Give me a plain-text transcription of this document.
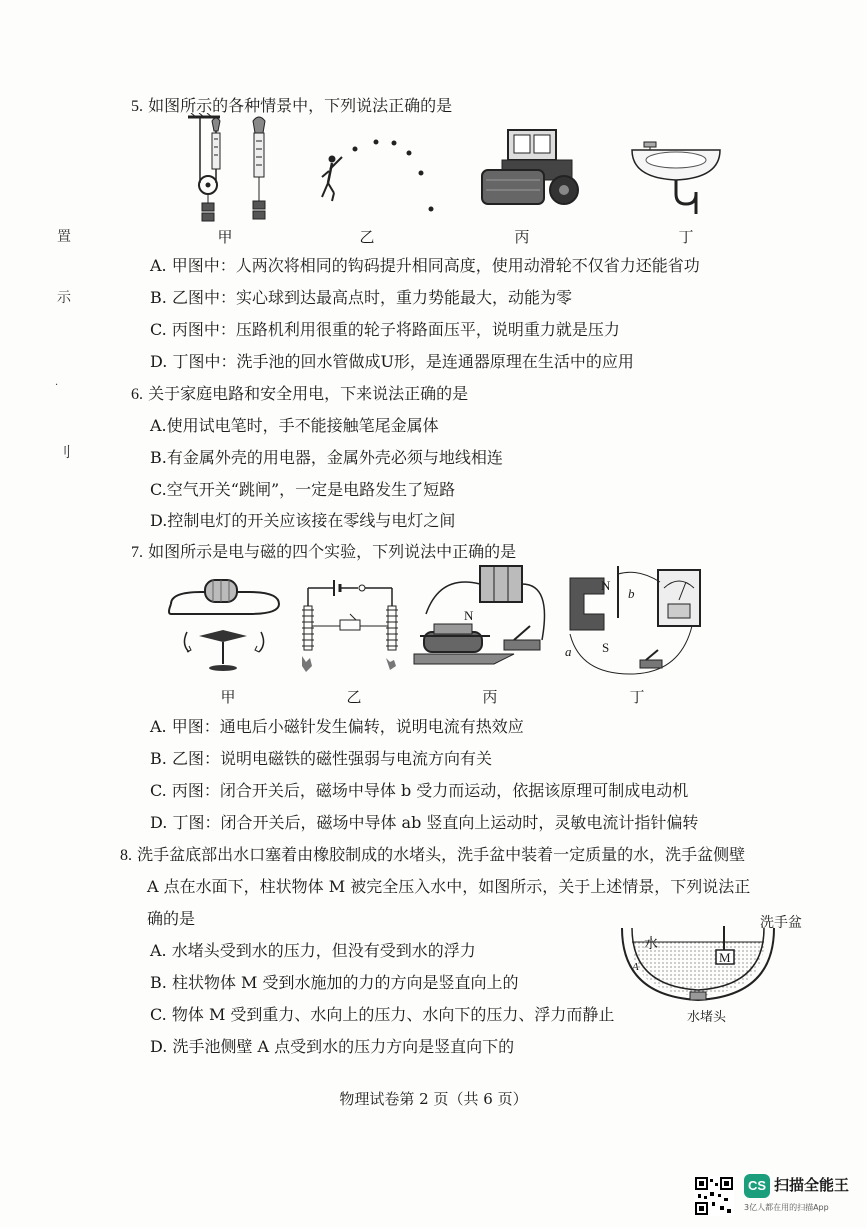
置
示
·
刂
5. 如图所示的各种情景中，下列说法正确的是
甲	乙	丙	丁
A. 甲图中：人两次将相同的钩码提升相同高度，使用动滑轮不仅省力还能省功
B. 乙图中：实心球到达最高点时，重力势能最大，动能为零
C. 丙图中：压路机利用很重的轮子将路面压平，说明重力就是压力
D. 丁图中：洗手池的回水管做成U形，是连通器原理在生活中的应用
6. 关于家庭电路和安全用电，下来说法正确的是
A.使用试电笔时，手不能接触笔尾金属体
B.有金属外壳的用电器，金属外壳必须与地线相连
C.空气开关“跳闸”，一定是电路发生了短路
D.控制电灯的开关应该接在零线与电灯之间
7. 如图所示是电与磁的四个实验，下列说法中正确的是
N
N
S
a
b
甲	乙	丙	丁
A. 甲图：通电后小磁针发生偏转，说明电流有热效应
B. 乙图：说明电磁铁的磁性强弱与电流方向有关
C. 丙图：闭合开关后，磁场中导体 b 受力而运动，依据该原理可制成电动机
D. 丁图：闭合开关后，磁场中导体 ab 竖直向上运动时，灵敏电流计指针偏转
8. 洗手盆底部出水口塞着由橡胶制成的水堵头，洗手盆中装着一定质量的水，洗手盆侧壁
A 点在水面下，柱状物体 M 被完全压入水中，如图所示，关于上述情景，下列说法正
确的是
A. 水堵头受到水的压力，但没有受到水的浮力
B. 柱状物体 M 受到水施加的力的方向是竖直向上的
C. 物体 M 受到重力、水向上的压力、水向下的压力、浮力而静止
D. 洗手池侧壁 A 点受到水的压力方向是竖直向下的
洗手盆
水
M
A
水堵头
物理试卷第 2 页（共 6 页）
CS 扫描全能王
3亿人都在用的扫描App
